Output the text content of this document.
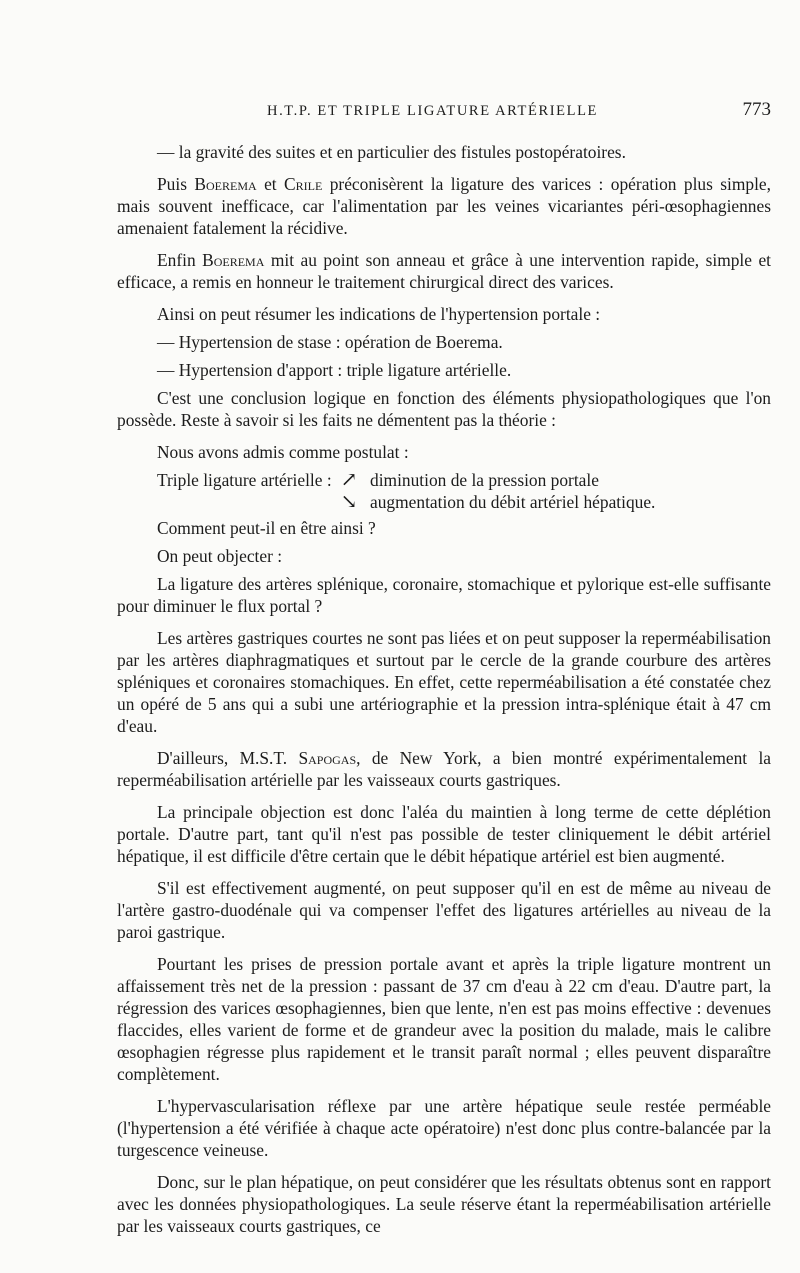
H.T.P. ET TRIPLE LIGATURE ARTÉRIELLE	773

— la gravité des suites et en particulier des fistules postopératoires.

Puis Boerema et Crile préconisèrent la ligature des varices : opération plus simple, mais souvent inefficace, car l'alimentation par les veines vicariantes péri-œsophagiennes amenaient fatalement la récidive.

Enfin Boerema mit au point son anneau et grâce à une intervention rapide, simple et efficace, a remis en honneur le traitement chirurgical direct des varices.

Ainsi on peut résumer les indications de l'hypertension portale :

— Hypertension de stase : opération de Boerema.

— Hypertension d'apport : triple ligature artérielle.

C'est une conclusion logique en fonction des éléments physiopathologiques que l'on possède. Reste à savoir si les faits ne démentent pas la théorie :

Nous avons admis comme postulat :

Triple ligature artérielle : ↗ diminution de la pression portale
↘ augmentation du débit artériel hépatique.

Comment peut-il en être ainsi ?

On peut objecter :

La ligature des artères splénique, coronaire, stomachique et pylorique est-elle suffisante pour diminuer le flux portal ?

Les artères gastriques courtes ne sont pas liées et on peut supposer la reperméabilisation par les artères diaphragmatiques et surtout par le cercle de la grande courbure des artères spléniques et coronaires stomachiques. En effet, cette reperméabilisation a été constatée chez un opéré de 5 ans qui a subi une artériographie et la pression intra-splénique était à 47 cm d'eau.

D'ailleurs, M.S.T. Sapogas, de New York, a bien montré expérimentalement la reperméabilisation artérielle par les vaisseaux courts gastriques.

La principale objection est donc l'aléa du maintien à long terme de cette déplétion portale. D'autre part, tant qu'il n'est pas possible de tester cliniquement le débit artériel hépatique, il est difficile d'être certain que le débit hépatique artériel est bien augmenté.

S'il est effectivement augmenté, on peut supposer qu'il en est de même au niveau de l'artère gastro-duodénale qui va compenser l'effet des ligatures artérielles au niveau de la paroi gastrique.

Pourtant les prises de pression portale avant et après la triple ligature montrent un affaissement très net de la pression : passant de 37 cm d'eau à 22 cm d'eau. D'autre part, la régression des varices œsophagiennes, bien que lente, n'en est pas moins effective : devenues flaccides, elles varient de forme et de grandeur avec la position du malade, mais le calibre œsophagien régresse plus rapidement et le transit paraît normal ; elles peuvent disparaître complètement.

L'hypervascularisation réflexe par une artère hépatique seule restée perméable (l'hypertension a été vérifiée à chaque acte opératoire) n'est donc plus contre-balancée par la turgescence veineuse.

Donc, sur le plan hépatique, on peut considérer que les résultats obtenus sont en rapport avec les données physiopathologiques. La seule réserve étant la reperméabilisation artérielle par les vaisseaux courts gastriques, ce
